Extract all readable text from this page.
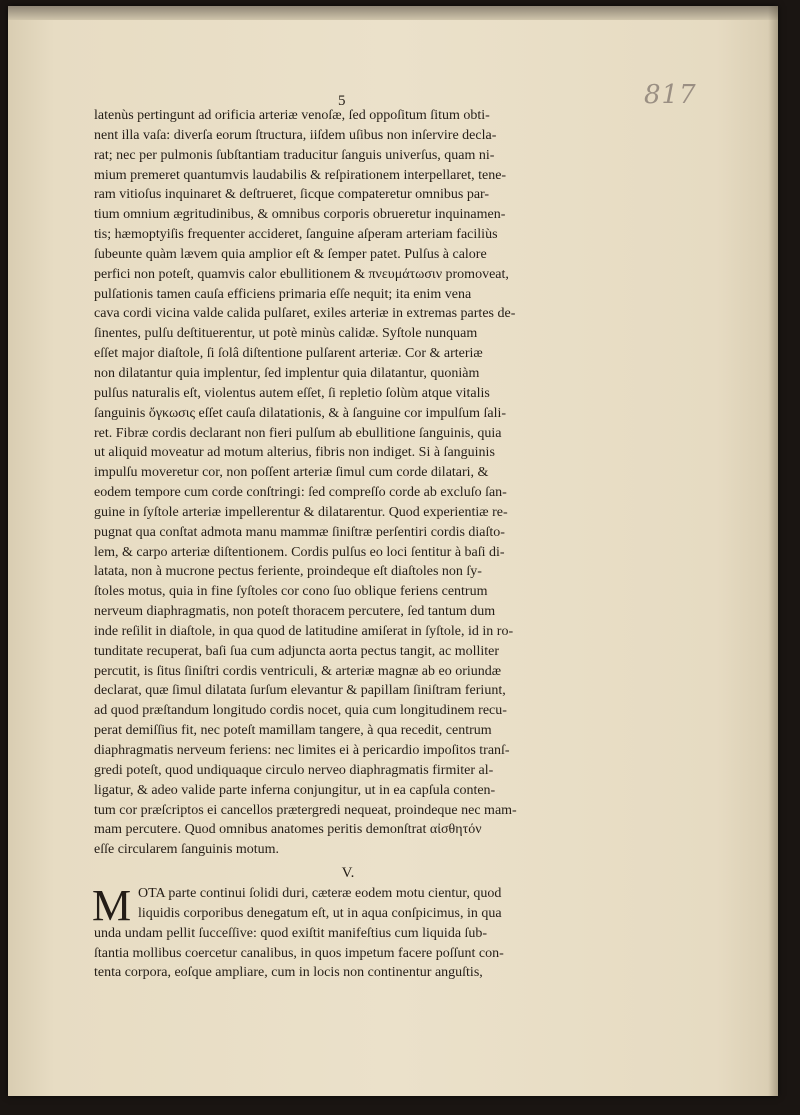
817
5
latenùs pertingunt ad orificia arteriæ venoſæ, ſed oppoſitum ſitum obti-
nent illa vaſa: diverſa eorum ſtructura, iiſdem uſibus non inſervire decla-
rat; nec per pulmonis ſubſtantiam traducitur ſanguis univerſus, quam ni-
mium premeret quantumvis laudabilis & reſpirationem interpellaret, tene-
ram vitioſus inquinaret & deſtrueret, ſicque compateretur omnibus par-
tium omnium ægritudinibus, & omnibus corporis obrueretur inquinamen-
tis; hæmoptyiſis frequenter accideret, ſanguine aſperam arteriam faciliùs
ſubeunte quàm lævem quia amplior eſt & ſemper patet. Pulſus à calore
perfici non poteſt, quamvis calor ebullitionem & πνευμάτωσιν promoveat,
pulſationis tamen cauſa efficiens primaria eſſe nequit; ita enim vena
cava cordi vicina valde calida pulſaret, exiles arteriæ in extremas partes de-
ſinentes, pulſu deſtituerentur, ut potè minùs calidæ. Syſtole nunquam
eſſet major diaſtole, ſi ſolâ diſtentione pulſarent arteriæ. Cor & arteriæ
non dilatantur quia implentur, ſed implentur quia dilatantur, quoniàm
pulſus naturalis eſt, violentus autem eſſet, ſi repletio ſolùm atque vitalis
ſanguinis ὄγκωσις eſſet cauſa dilatationis, & à ſanguine cor impulſum ſali-
ret. Fibræ cordis declarant non fieri pulſum ab ebullitione ſanguinis, quia
ut aliquid moveatur ad motum alterius, fibris non indiget. Si à ſanguinis
impulſu moveretur cor, non poſſent arteriæ ſimul cum corde dilatari, &
eodem tempore cum corde conſtringi: ſed compreſſo corde ab excluſo ſan-
guine in ſyſtole arteriæ impellerentur & dilatarentur. Quod experientiæ re-
pugnat qua conſtat admota manu mammæ ſiniſtræ perſentiri cordis diaſto-
lem, & carpo arteriæ diſtentionem. Cordis pulſus eo loci ſentitur à baſi di-
latata, non à mucrone pectus feriente, proindeque eſt diaſtoles non ſy-
ſtoles motus, quia in fine ſyſtoles cor cono ſuo oblique feriens centrum
nerveum diaphragmatis, non poteſt thoracem percutere, ſed tantum dum
inde reſilit in diaſtole, in qua quod de latitudine amiſerat in ſyſtole, id in ro-
tunditate recuperat, baſi ſua cum adjuncta aorta pectus tangit, ac molliter
percutit, is ſitus ſiniſtri cordis ventriculi, & arteriæ magnæ ab eo oriundæ
declarat, quæ ſimul dilatata ſurſum elevantur & papillam ſiniſtram feriunt,
ad quod præſtandum longitudo cordis nocet, quia cum longitudinem recu-
perat demiſſius fit, nec poteſt mamillam tangere, à qua recedit, centrum
diaphragmatis nerveum feriens: nec limites ei à pericardio impoſitos tranſ-
gredi poteſt, quod undiquaque circulo nerveo diaphragmatis firmiter al-
ligatur, & adeo valide parte inferna conjungitur, ut in ea capſula conten-
tum cor præſcriptos ei cancellos prætergredi nequeat, proindeque nec mam-
mam percutere. Quod omnibus anatomes peritis demonſtrat αἰσθητόν
eſſe circularem ſanguinis motum.
V.
M OTA parte continui ſolidi duri, cæteræ eodem motu cientur, quod
liquidis corporibus denegatum eſt, ut in aqua conſpicimus, in qua
unda undam pellit ſucceſſive: quod exiſtit manifeſtius cum liquida ſub-
ſtantia mollibus coercetur canalibus, in quos impetum facere poſſunt con-
tenta corpora, eoſque ampliare, cum in locis non continentur anguſtis,
